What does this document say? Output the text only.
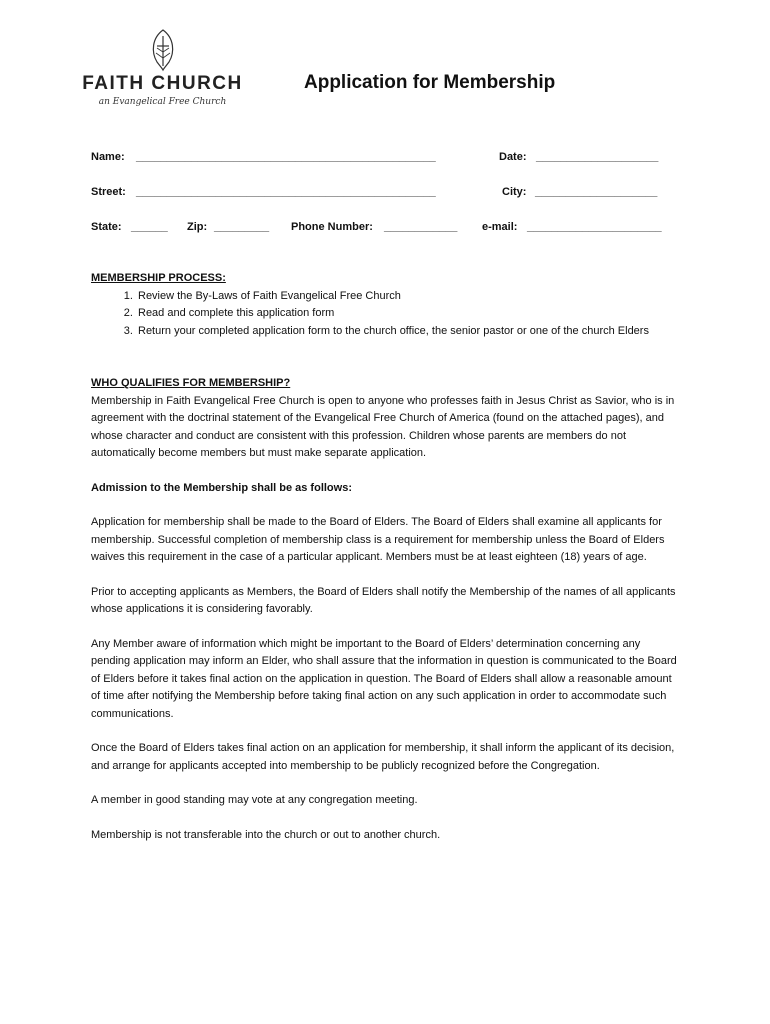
FAITH CHURCH
an Evangelical Free Church
Application for Membership
Name: _________________________________________________	Date: ____________________
Street: _________________________________________________	City: ____________________
State: ______ Zip: _________ Phone Number: ____________ e-mail: ______________________

MEMBERSHIP PROCESS:

1. Review the By-Laws of Faith Evangelical Free Church
2. Read and complete this application form
3. Return your completed application form to the church office, the senior pastor or one of the church Elders

WHO QUALIFIES FOR MEMBERSHIP?

Membership in Faith Evangelical Free Church is open to anyone who professes faith in Jesus Christ as Savior, who is in agreement with the doctrinal statement of the Evangelical Free Church of America (found on the attached pages), and whose character and conduct are consistent with this profession. Children whose parents are members do not automatically become members but must make separate application.

Admission to the Membership shall be as follows:

Application for membership shall be made to the Board of Elders. The Board of Elders shall examine all applicants for membership. Successful completion of membership class is a requirement for membership unless the Board of Elders waives this requirement in the case of a particular applicant. Members must be at least eighteen (18) years of age.

Prior to accepting applicants as Members, the Board of Elders shall notify the Membership of the names of all applicants whose applications it is considering favorably.

Any Member aware of information which might be important to the Board of Elders’ determination concerning any pending application may inform an Elder, who shall assure that the information in question is communicated to the Board of Elders before it takes final action on the application in question. The Board of Elders shall allow a reasonable amount of time after notifying the Membership before taking final action on any such application in order to accommodate such communications.

Once the Board of Elders takes final action on an application for membership, it shall inform the applicant of its decision, and arrange for applicants accepted into membership to be publicly recognized before the Congregation.

A member in good standing may vote at any congregation meeting.

Membership is not transferable into the church or out to another church.
